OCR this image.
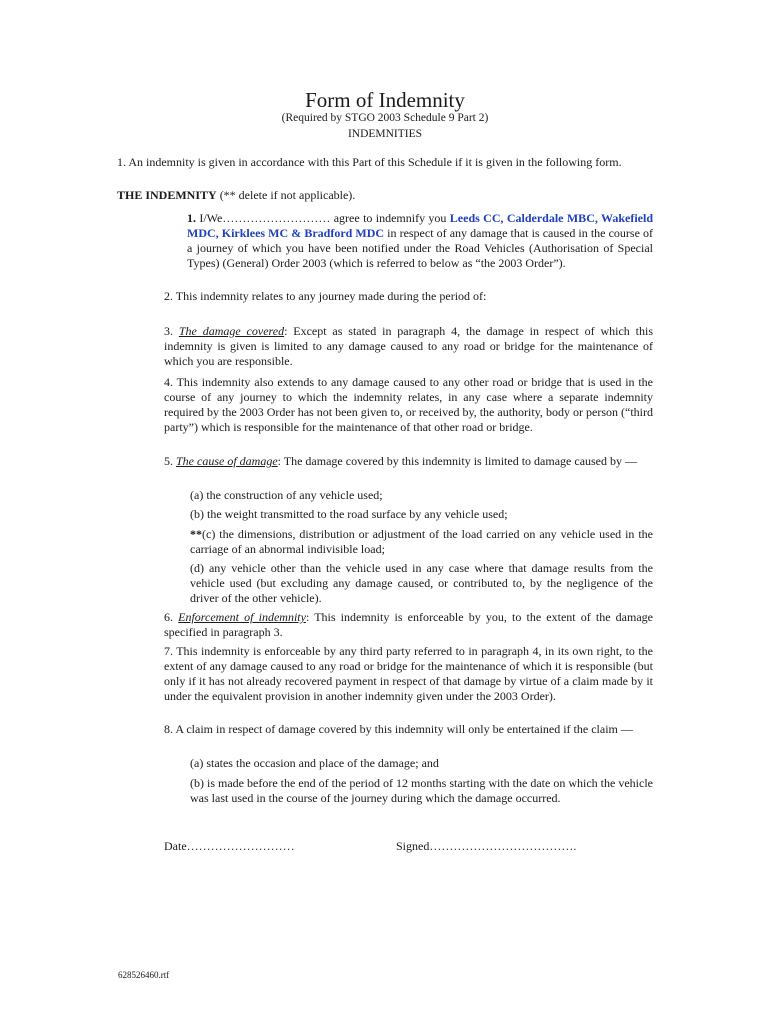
Form of Indemnity
(Required by STGO 2003 Schedule 9 Part 2)
INDEMNITIES
1. An indemnity is given in accordance with this Part of this Schedule if it is given in the following form.
THE INDEMNITY (** delete if not applicable).
1. I/We……………………… agree to indemnify you Leeds CC, Calderdale MBC, Wakefield MDC, Kirklees MC & Bradford MDC in respect of any damage that is caused in the course of a journey of which you have been notified under the Road Vehicles (Authorisation of Special Types) (General) Order 2003 (which is referred to below as “the 2003 Order”).
2. This indemnity relates to any journey made during the period of:
3. The damage covered: Except as stated in paragraph 4, the damage in respect of which this indemnity is given is limited to any damage caused to any road or bridge for the maintenance of which you are responsible.
4. This indemnity also extends to any damage caused to any other road or bridge that is used in the course of any journey to which the indemnity relates, in any case where a separate indemnity required by the 2003 Order has not been given to, or received by, the authority, body or person (“third party”) which is responsible for the maintenance of that other road or bridge.
5. The cause of damage: The damage covered by this indemnity is limited to damage caused by —
(a) the construction of any vehicle used;
(b) the weight transmitted to the road surface by any vehicle used;
**(c) the dimensions, distribution or adjustment of the load carried on any vehicle used in the carriage of an abnormal indivisible load;
(d) any vehicle other than the vehicle used in any case where that damage results from the vehicle used (but excluding any damage caused, or contributed to, by the negligence of the driver of the other vehicle).
6. Enforcement of indemnity: This indemnity is enforceable by you, to the extent of the damage specified in paragraph 3.
7. This indemnity is enforceable by any third party referred to in paragraph 4, in its own right, to the extent of any damage caused to any road or bridge for the maintenance of which it is responsible (but only if it has not already recovered payment in respect of that damage by virtue of a claim made by it under the equivalent provision in another indemnity given under the 2003 Order).
8. A claim in respect of damage covered by this indemnity will only be entertained if the claim —
(a) states the occasion and place of the damage; and
(b) is made before the end of the period of 12 months starting with the date on which the vehicle was last used in the course of the journey during which the damage occurred.
Date………………………	Signed……………………………….
628526460.rtf
